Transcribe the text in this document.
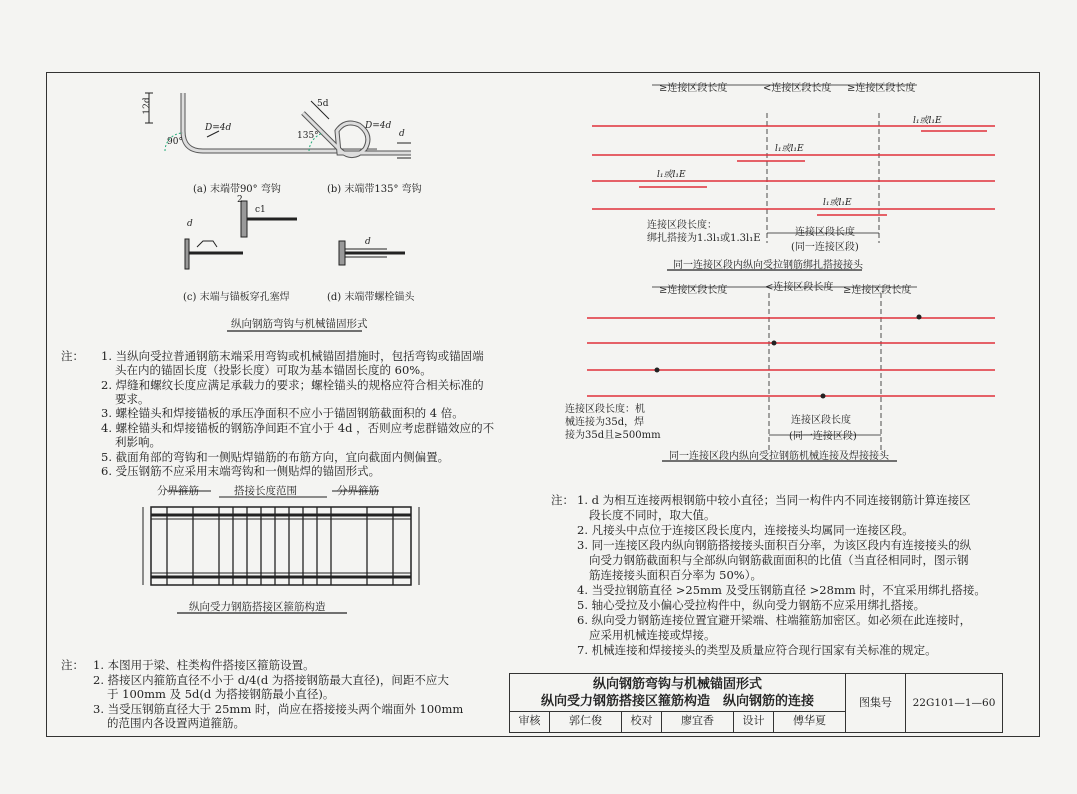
12d
D=4d
90°
d
5d
D=4d
135°
(a) 末端带90° 弯钩	(b) 末端带135° 弯钩
2
c1
d
d
(c) 末端与锚板穿孔塞焊	(d) 末端带螺栓锚头
纵向钢筋弯钩与机械锚固形式
注： 1. 当纵向受拉普通钢筋末端采用弯钩或机械锚固措施时，包括弯钩或锚固端
头在内的锚固长度（投影长度）可取为基本锚固长度的 60%。
2. 焊缝和螺纹长度应满足承载力的要求；螺栓锚头的规格应符合相关标准的
要求。
3. 螺栓锚头和焊接锚板的承压净面积不应小于锚固钢筋截面积的 4 倍。
4. 螺栓锚头和焊接锚板的钢筋净间距不宜小于 4d ，否则应考虑群锚效应的不
利影响。
5. 截面角部的弯钩和一侧贴焊锚筋的布筋方向，宜向截面内侧偏置。
6. 受压钢筋不应采用末端弯钩和一侧贴焊的锚固形式。
分界箍筋	搭接长度范围	分界箍筋
纵向受力钢筋搭接区箍筋构造
注： 1. 本图用于梁、柱类构件搭接区箍筋设置。
2. 搭接区内箍筋直径不小于 d/4(d 为搭接钢筋最大直径)，间距不应大
于 100mm 及 5d(d 为搭接钢筋最小直径)。
3. 当受压钢筋直径大于 25mm 时，尚应在搭接接头两个端面外 100mm
的范围内各设置两道箍筋。
≥连接区段长度	<连接区段长度 ≥连接区段长度
l₁或l₁E
l₁或l₁E
l₁或l₁E
l₁或l₁E
连接区段长度：
绑扎搭接为1.3l₁或1.3l₁E
连接区段长度
(同一连接区段)
同一连接区段内纵向受拉钢筋绑扎搭接接头
≥连接区段长度	<连接区段长度 ≥连接区段长度
连接区段长度：机
械连接为35d，焊
接为35d且≥500mm
连接区段长度
(同一连接区段)
同一连接区段内纵向受拉钢筋机械连接及焊接接头
注： 1. d 为相互连接两根钢筋中较小直径；当同一构件内不同连接钢筋计算连接区
段长度不同时，取大值。
2. 凡接头中点位于连接区段长度内，连接接头均属同一连接区段。
3. 同一连接区段内纵向钢筋搭接接头面积百分率，为该区段内有连接接头的纵
向受力钢筋截面积与全部纵向钢筋截面面积的比值（当直径相同时，图示钢
筋连接接头面积百分率为 50%）。
4. 当受拉钢筋直径 >25mm 及受压钢筋直径 >28mm 时，不宜采用绑扎搭接。
5. 轴心受拉及小偏心受拉构件中，纵向受力钢筋不应采用绑扎搭接。
6. 纵向受力钢筋连接位置宜避开梁端、柱端箍筋加密区。如必须在此连接时，
应采用机械连接或焊接。
7. 机械连接和焊接接头的类型及质量应符合现行国家有关标准的规定。
纵向钢筋弯钩与机械锚固形式
纵向受力钢筋搭接区箍筋构造　纵向钢筋的连接
审核	郭仁俊	校对	廖宜香	设计	傅华夏
图集号	22G101—1—60
